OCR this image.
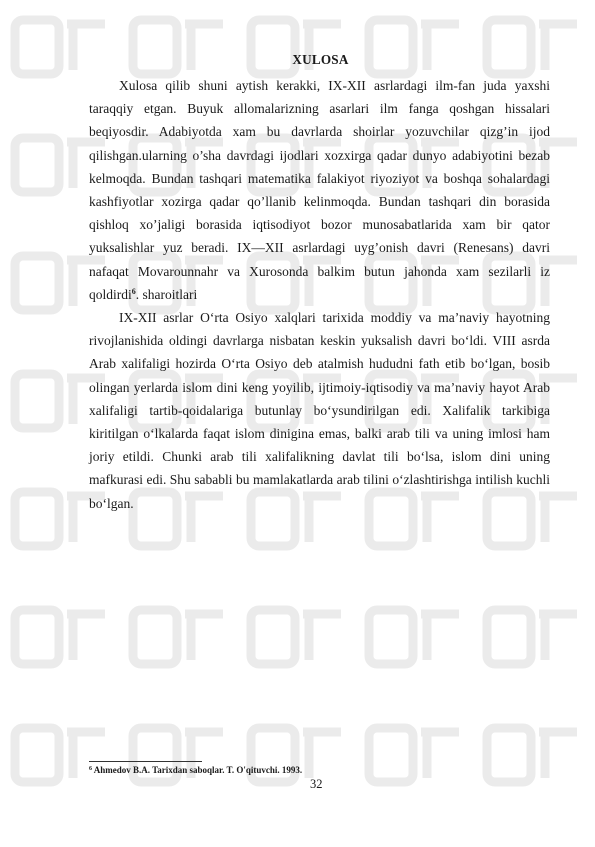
XULOSA

Xulosa qilib shuni aytish kerakki, IX-XII asrlardagi ilm-fan juda yaxshi taraqqiy etgan. Buyuk allomalarizning asarlari ilm fanga qoshgan hissalari beqiyosdir. Adabiyotda xam bu davrlarda shoirlar yozuvchilar qizg’in ijod qilishgan.ularning o’sha davrdagi ijodlari xozxirga qadar dunyo adabiyotini bezab kelmoqda. Bundan tashqari matematika falakiyot riyoziyot va boshqa sohalardagi kashfiyotlar xozirga qadar qo’llanib kelinmoqda. Bundan tashqari din borasida qishloq xo’jaligi borasida iqtisodiyot bozor munosabatlarida xam bir qator yuksalishlar yuz beradi. IX—XII asrlardagi uyg’onish davri (Renesans) davri nafaqat Movarounnahr va Xurosonda balkim butun jahonda xam sezilarli iz qoldirdi$^6$. sharoitlari

IX-XII asrlar O‘rta Osiyo xalqlari tarixida moddiy va ma’naviy hayotning rivojlanishida oldingi davrlarga nisbatan keskin yuksalish davri bo‘ldi. VIII asrda Arab xalifaligi hozirda O‘rta Osiyo deb atalmish hududni fath etib bo‘lgan, bosib olingan yerlarda islom dini keng yoyilib, ijtimoiy-iqtisodiy va ma’naviy hayot Arab xalifaligi tartib-qoidalariga butunlay bo‘ysundirilgan edi. Xalifalik tarkibiga kiritilgan o‘lkalarda faqat islom dinigina emas, balki arab tili va uning imlosi ham joriy etildi. Chunki arab tili xalifalikning davlat tili bo‘lsa, islom dini uning mafkurasi edi. Shu sababli bu mamlakatlarda arab tilini o‘zlashtirishga intilish kuchli bo‘lgan.

$^6$ Ahmedov B.A. Tarixdan saboqlar. T. O'qituvchi. 1993.
32
